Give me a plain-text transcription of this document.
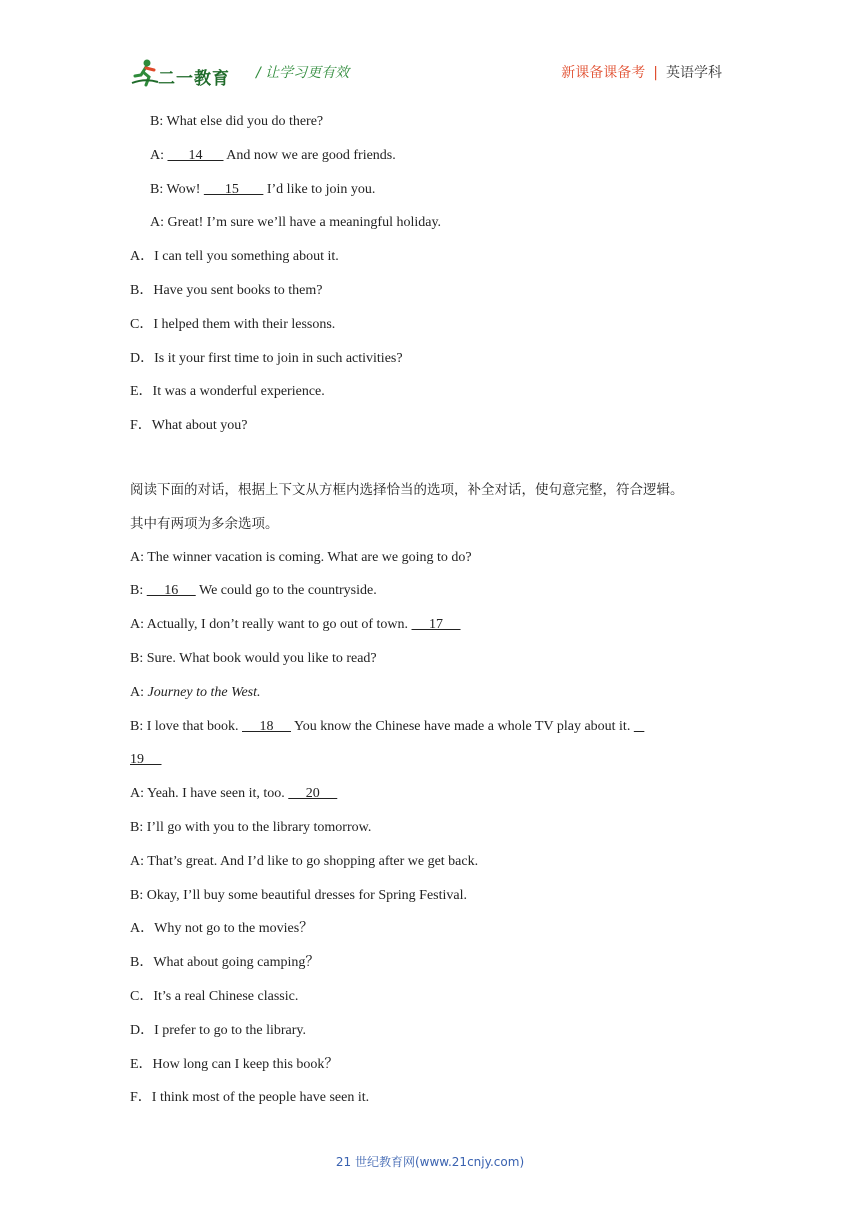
二一教育 / 让学习更有效	新课备课备考 | 英语学科
B: What else did you do there?
A:       14       And now we are good friends.
B: Wow!       15        I’d like to join you.
A: Great! I’m sure we’ll have a meaningful holiday.
A．I can tell you something about it.
B．Have you sent books to them?
C．I helped them with their lessons.
D．Is it your first time to join in such activities?
E．It was a wonderful experience.
F．What about you?
阅读下面的对话，根据上下文从方框内选择恰当的选项，补全对话，使句意完整，符合逻辑。
其中有两项为多余选项。
A: The winner vacation is coming. What are we going to do?
B:      16      We could go to the countryside.
A: Actually, I don’t really want to go out of town.      17
B: Sure. What book would you like to read?
A: Journey to the West.
B: I love that book.      18      You know the Chinese have made a whole TV play about it.
19
A: Yeah. I have seen it, too.      20
B: I’ll go with you to the library tomorrow.
A: That’s great. And I’d like to go shopping after we get back.
B: Okay, I’ll buy some beautiful dresses for Spring Festival.
A．Why not go to the movies？
B．What about going camping？
C．It’s a real Chinese classic.
D．I prefer to go to the library.
E．How long can I keep this book？
F．I think most of the people have seen it.
21 世纪教育网(www.21cnjy.com)
